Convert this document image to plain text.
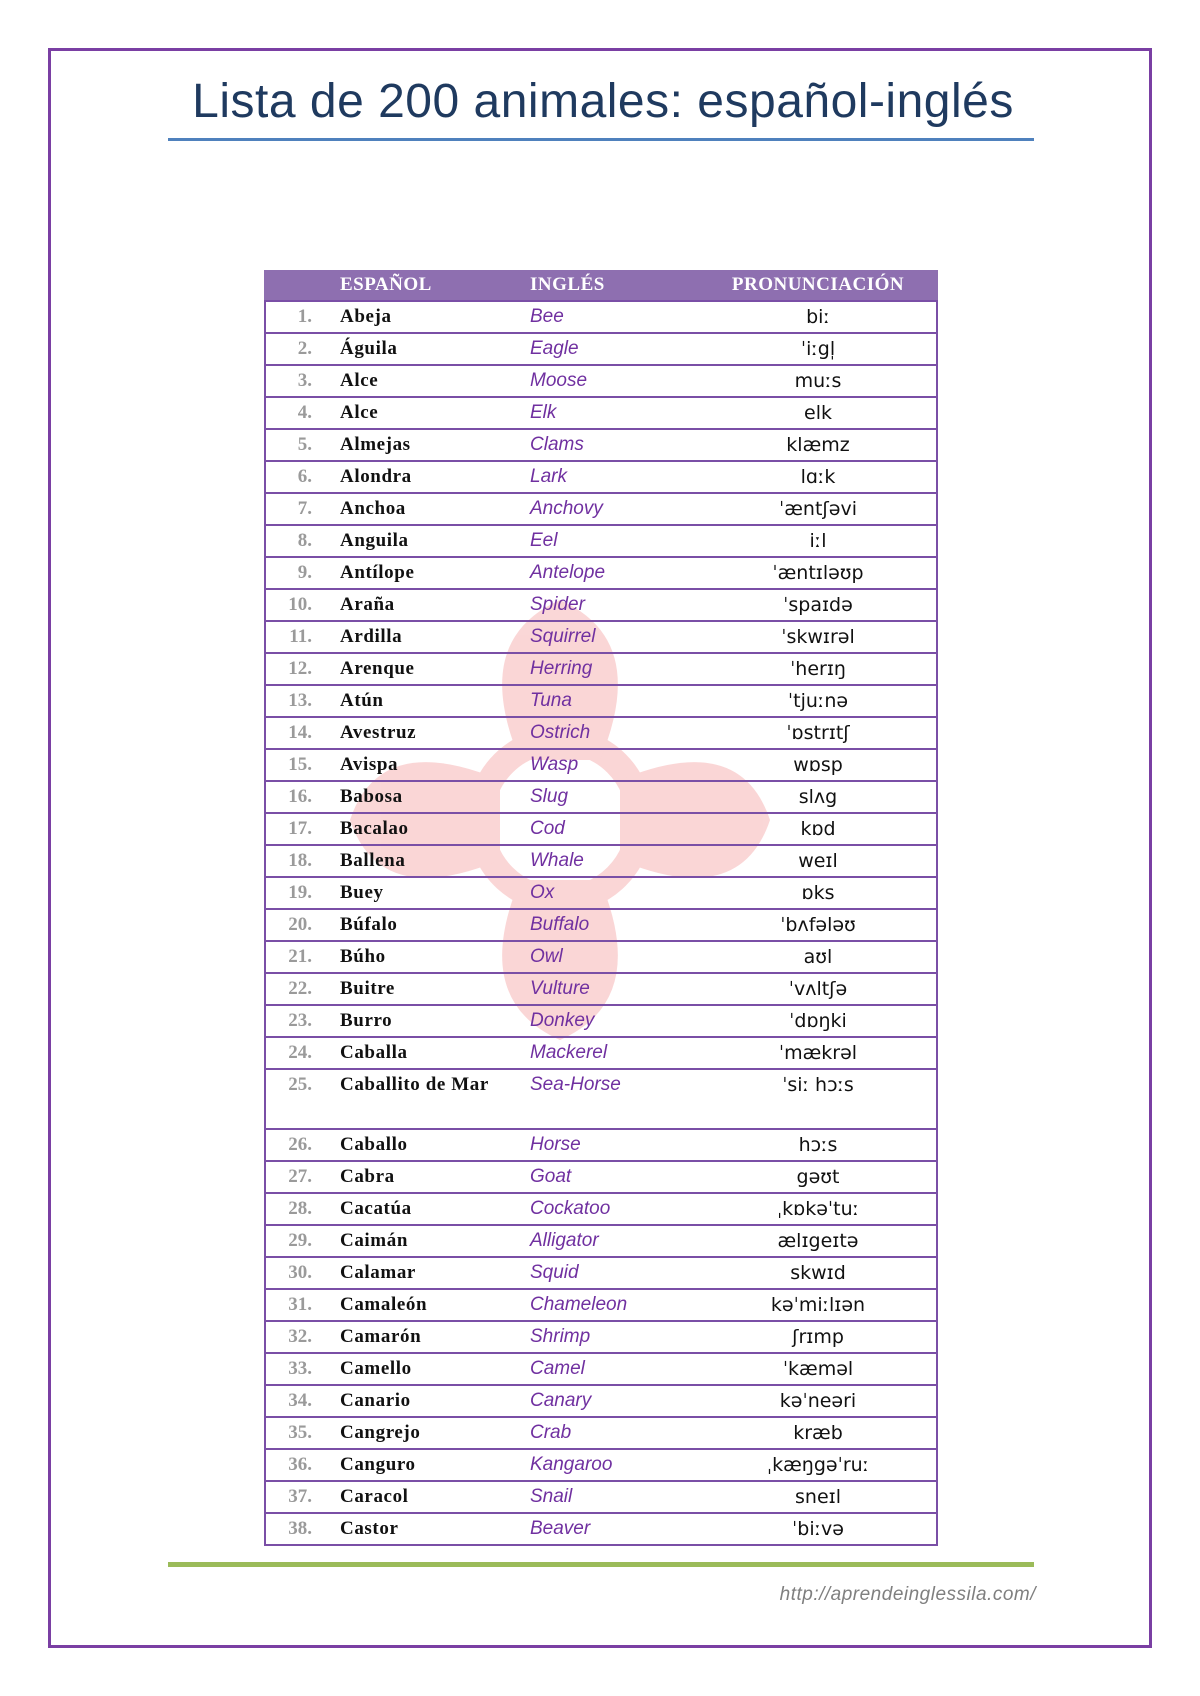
Lista de 200 animales: español-inglés
	ESPAÑOL	INGLÉS	PRONUNCIACIÓN
1.	Abeja	Bee	biː
2.	Águila	Eagle	ˈiːgl̩
3.	Alce	Moose	muːs
4.	Alce	Elk	elk
5.	Almejas	Clams	klæmz
6.	Alondra	Lark	lɑːk
7.	Anchoa	Anchovy	ˈæntʃəvi
8.	Anguila	Eel	iːl
9.	Antílope	Antelope	ˈæntɪləʊp
10.	Araña	Spider	ˈspaɪdə
11.	Ardilla	Squirrel	ˈskwɪrəl
12.	Arenque	Herring	ˈherɪŋ
13.	Atún	Tuna	ˈtjuːnə
14.	Avestruz	Ostrich	ˈɒstrɪtʃ
15.	Avispa	Wasp	wɒsp
16.	Babosa	Slug	slʌg
17.	Bacalao	Cod	kɒd
18.	Ballena	Whale	weɪl
19.	Buey	Ox	ɒks
20.	Búfalo	Buffalo	ˈbʌfələʊ
21.	Búho	Owl	aʊl
22.	Buitre	Vulture	ˈvʌltʃə
23.	Burro	Donkey	ˈdɒŋki
24.	Caballa	Mackerel	ˈmækrəl
25.	Caballito de Mar	Sea-Horse	ˈsiː hɔːs
26.	Caballo	Horse	hɔːs
27.	Cabra	Goat	gəʊt
28.	Cacatúa	Cockatoo	ˌkɒkəˈtuː
29.	Caimán	Alligator	ælɪgeɪtə
30.	Calamar	Squid	skwɪd
31.	Camaleón	Chameleon	kəˈmiːlɪən
32.	Camarón	Shrimp	ʃrɪmp
33.	Camello	Camel	ˈkæməl
34.	Canario	Canary	kəˈneəri
35.	Cangrejo	Crab	kræb
36.	Canguro	Kangaroo	ˌkæŋgəˈruː
37.	Caracol	Snail	sneɪl
38.	Castor	Beaver	ˈbiːvə
http://aprendeinglessila.com/
